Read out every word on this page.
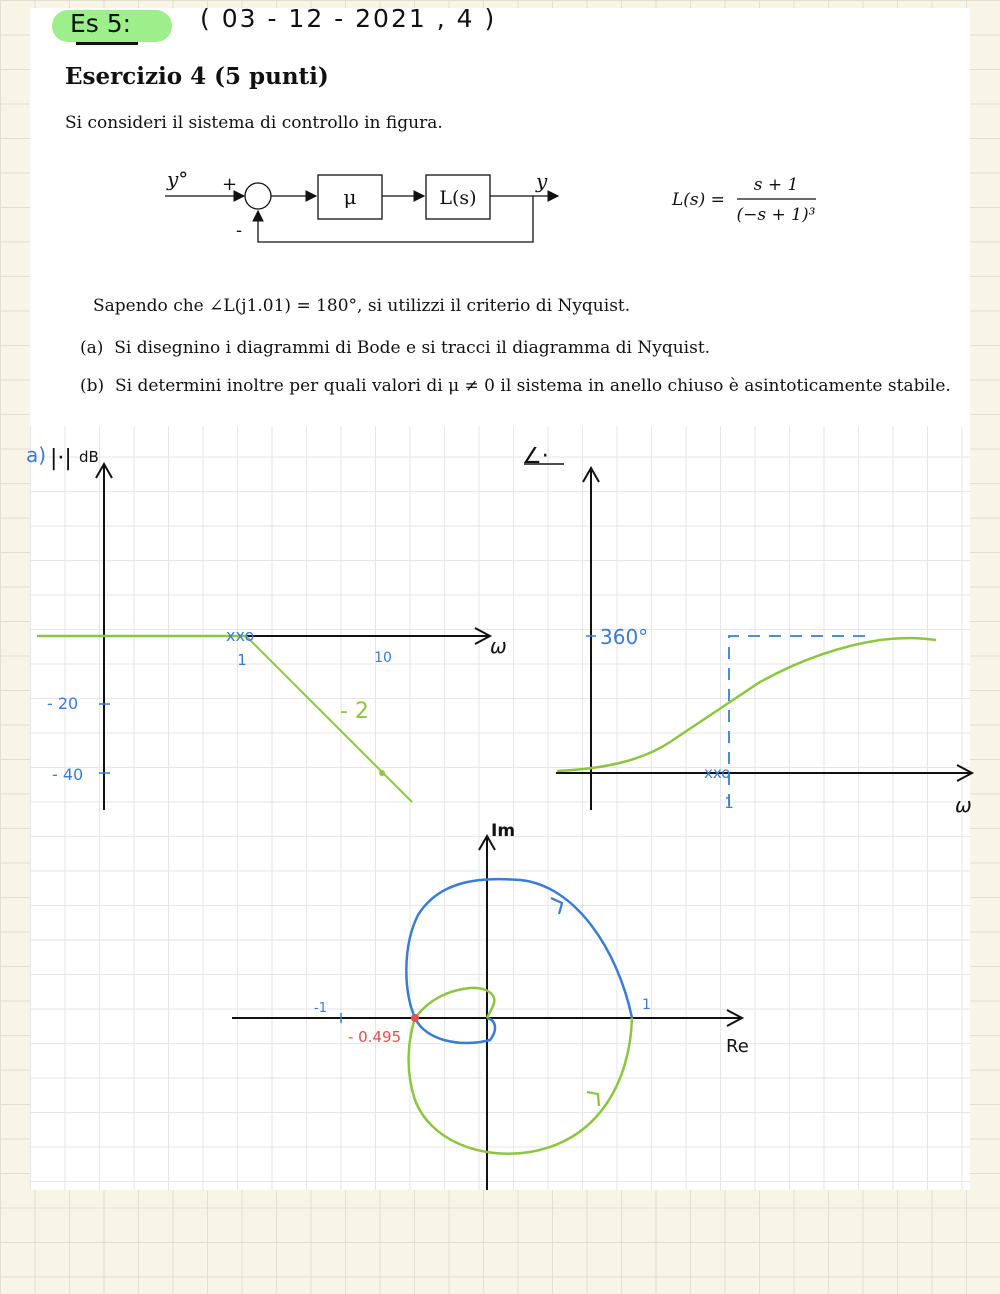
Es 5:	( 03 - 12 - 2021 , 4 )

Esercizio 4 (5 punti)

Si consideri il sistema di controllo in figura.

Sapendo che ∠L(j1.01) = 180°, si utilizzi il criterio di Nyquist.

(a) Si disegnino i diagrammi di Bode e si tracci il diagramma di Nyquist.

(b) Si determini inoltre per quali valori di μ ≠ 0 il sistema in anello chiuso è asintoticamente stabile.

y° +
-
μ	L(s)
y
L(s) =
s + 1
(−s + 1)³
a) |·| dB
ω
xxo
1	10
- 20
- 40
- 2
∠·
360°
xxo
1	ω
Im
Re
-1	1
- 0.495
